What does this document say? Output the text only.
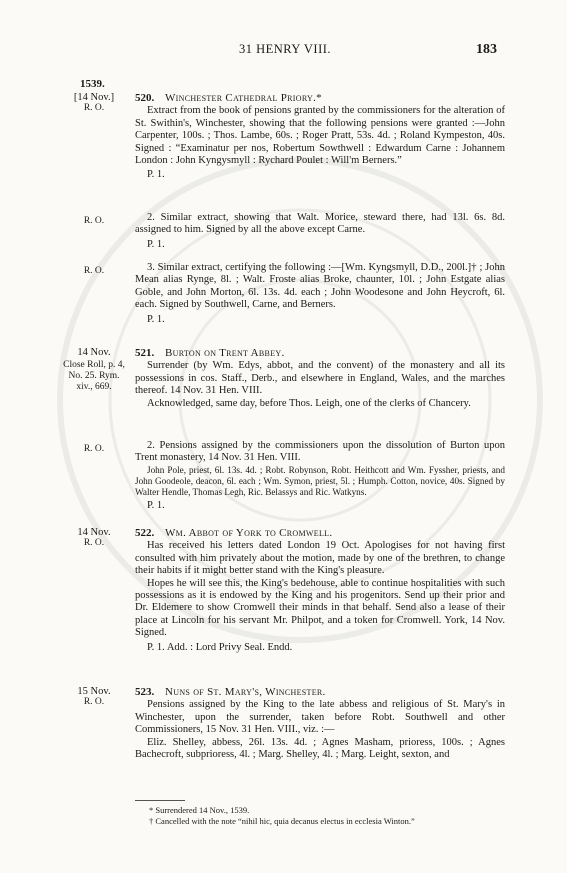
31 HENRY VIII.	183
1539.
[14 Nov.]
R. O.
520. Winchester Cathedral Priory.*

Extract from the book of pensions granted by the commissioners for the alteration of St. Swithin's, Winchester, showing that the following pensions were granted :—John Carpenter, 100s. ; Thos. Lambe, 60s. ; Roger Pratt, 53s. 4d. ; Roland Kympeston, 40s. Signed : “Examinatur per nos, Robertum Sowthwell : Edwardum Carne : Johannem London : John Kyngysmyll : Rychard Poulet : Will'm Berners.”

P. 1.
R. O.	2. Similar extract, showing that Walt. Morice, steward there, had 13l. 6s. 8d. assigned to him. Signed by all the above except Carne.

P. 1.
R. O.	3. Similar extract, certifying the following :—[Wm. Kyngsmyll, D.D., 200l.]† ; John Mean alias Rynge, 8l. ; Walt. Froste alias Broke, chaunter, 10l. ; John Estgate alias Goble, and John Morton, 6l. 13s. 4d. each ; John Woodesone and John Heycroft, 6l. each. Signed by Southwell, Carne, and Berners.

P. 1.
14 Nov.
Close Roll, p. 4, No. 25. Rym. xiv., 669.
521. Burton on Trent Abbey.

Surrender (by Wm. Edys, abbot, and the convent) of the monastery and all its possessions in cos. Staff., Derb., and elsewhere in England, Wales, and the marches thereof. 14 Nov. 31 Hen. VIII.

Acknowledged, same day, before Thos. Leigh, one of the clerks of Chancery.

R. O.	2. Pensions assigned by the commissioners upon the dissolution of Burton upon Trent monastery, 14 Nov. 31 Hen. VIII.

John Pole, priest, 6l. 13s. 4d. ; Robt. Robynson, Robt. Heithcott and Wm. Fyssher, priests, and John Goodeole, deacon, 6l. each ; Wm. Symon, priest, 5l. ; Humph. Cotton, novice, 40s. Signed by Walter Hendle, Thomas Legh, Ric. Belassys and Ric. Watkyns.

P. 1.
14 Nov.
R. O.
522. Wm. Abbot of York to Cromwell.

Has received his letters dated London 19 Oct. Apologises for not having first consulted with him privately about the motion, made by one of the brethren, to change their habits if it might better stand with the King's pleasure.

Hopes he will see this, the King's bedehouse, able to continue hospitalities with such possessions as it is endowed by the King and his progenitors. Send up their prior and Dr. Eldemere to show Cromwell their minds in that behalf. Send also a lease of their place at Lincoln for his servant Mr. Philpot, and a token for Cromwell. York, 14 Nov. Signed.

P. 1. Add. : Lord Privy Seal. Endd.
15 Nov.
R. O.
523. Nuns of St. Mary's, Winchester.

Pensions assigned by the King to the late abbess and religious of St. Mary's in Winchester, upon the surrender, taken before Robt. Southwell and other Commissioners, 15 Nov. 31 Hen. VIII., viz. :—

Eliz. Shelley, abbess, 26l. 13s. 4d. ; Agnes Masham, prioress, 100s. ; Agnes Bachecroft, subprioress, 4l. ; Marg. Shelley, 4l. ; Marg. Leight, sexton, and

* Surrendered 14 Nov., 1539.
† Cancelled with the note “nihil hic, quia decanus electus in ecclesia Winton.”
